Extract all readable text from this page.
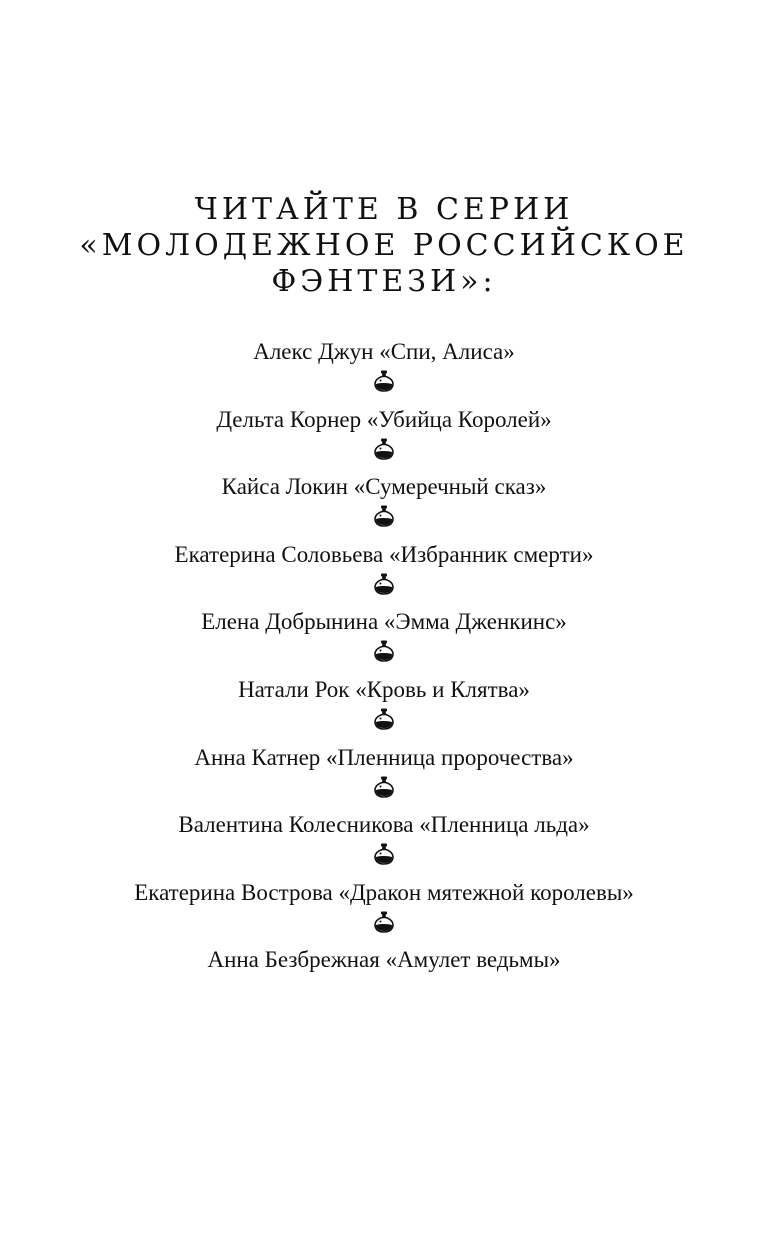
ЧИТАЙТЕ В СЕРИИ
«МОЛОДЕЖНОЕ РОССИЙСКОЕ
ФЭНТЕЗИ»:
Алекс Джун «Спи, Алиса»
Дельта Корнер «Убийца Королей»
Кайса Локин «Сумеречный сказ»
Екатерина Соловьева «Избранник смерти»
Елена Добрынина «Эмма Дженкинс»
Натали Рок «Кровь и Клятва»
Анна Катнер «Пленница пророчества»
Валентина Колесникова «Пленница льда»
Екатерина Вострова «Дракон мятежной королевы»
Анна Безбрежная «Амулет ведьмы»
